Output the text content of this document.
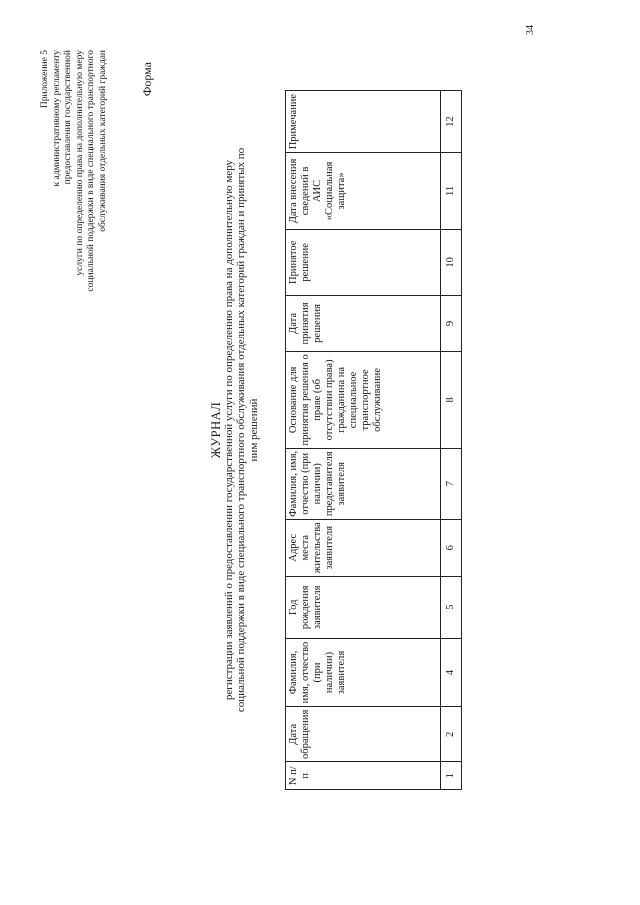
Приложение 5 к административному регламенту предоставления государственной услуги по определению права на дополнительную меру социальной поддержки в виде специального транспортного обслуживания отдельных категорий граждан	Форма
ЖУРНАЛ регистрации заявлений о предоставлении государственной услуги по определению права на дополнительную меру социальной поддержки в виде специального транспортного обслуживания отдельных категорий граждан и принятых по ним решений
N п/п	Дата обращения	Фамилия, имя, отчество (при наличии) заявителя	Год рождения заявителя	Адрес места жительства заявителя	Фамилия, имя, отчество (при наличии) представителя заявителя	Основание для принятия решения о праве (об отсутствии права) гражданина на специальное транспортное обслуживание	Дата принятия решения	Принятое решение	Дата внесения сведений в АИС «Социальная защита»	Примечание
1	2	4	5	6	7	8	9	10	11	12
34
